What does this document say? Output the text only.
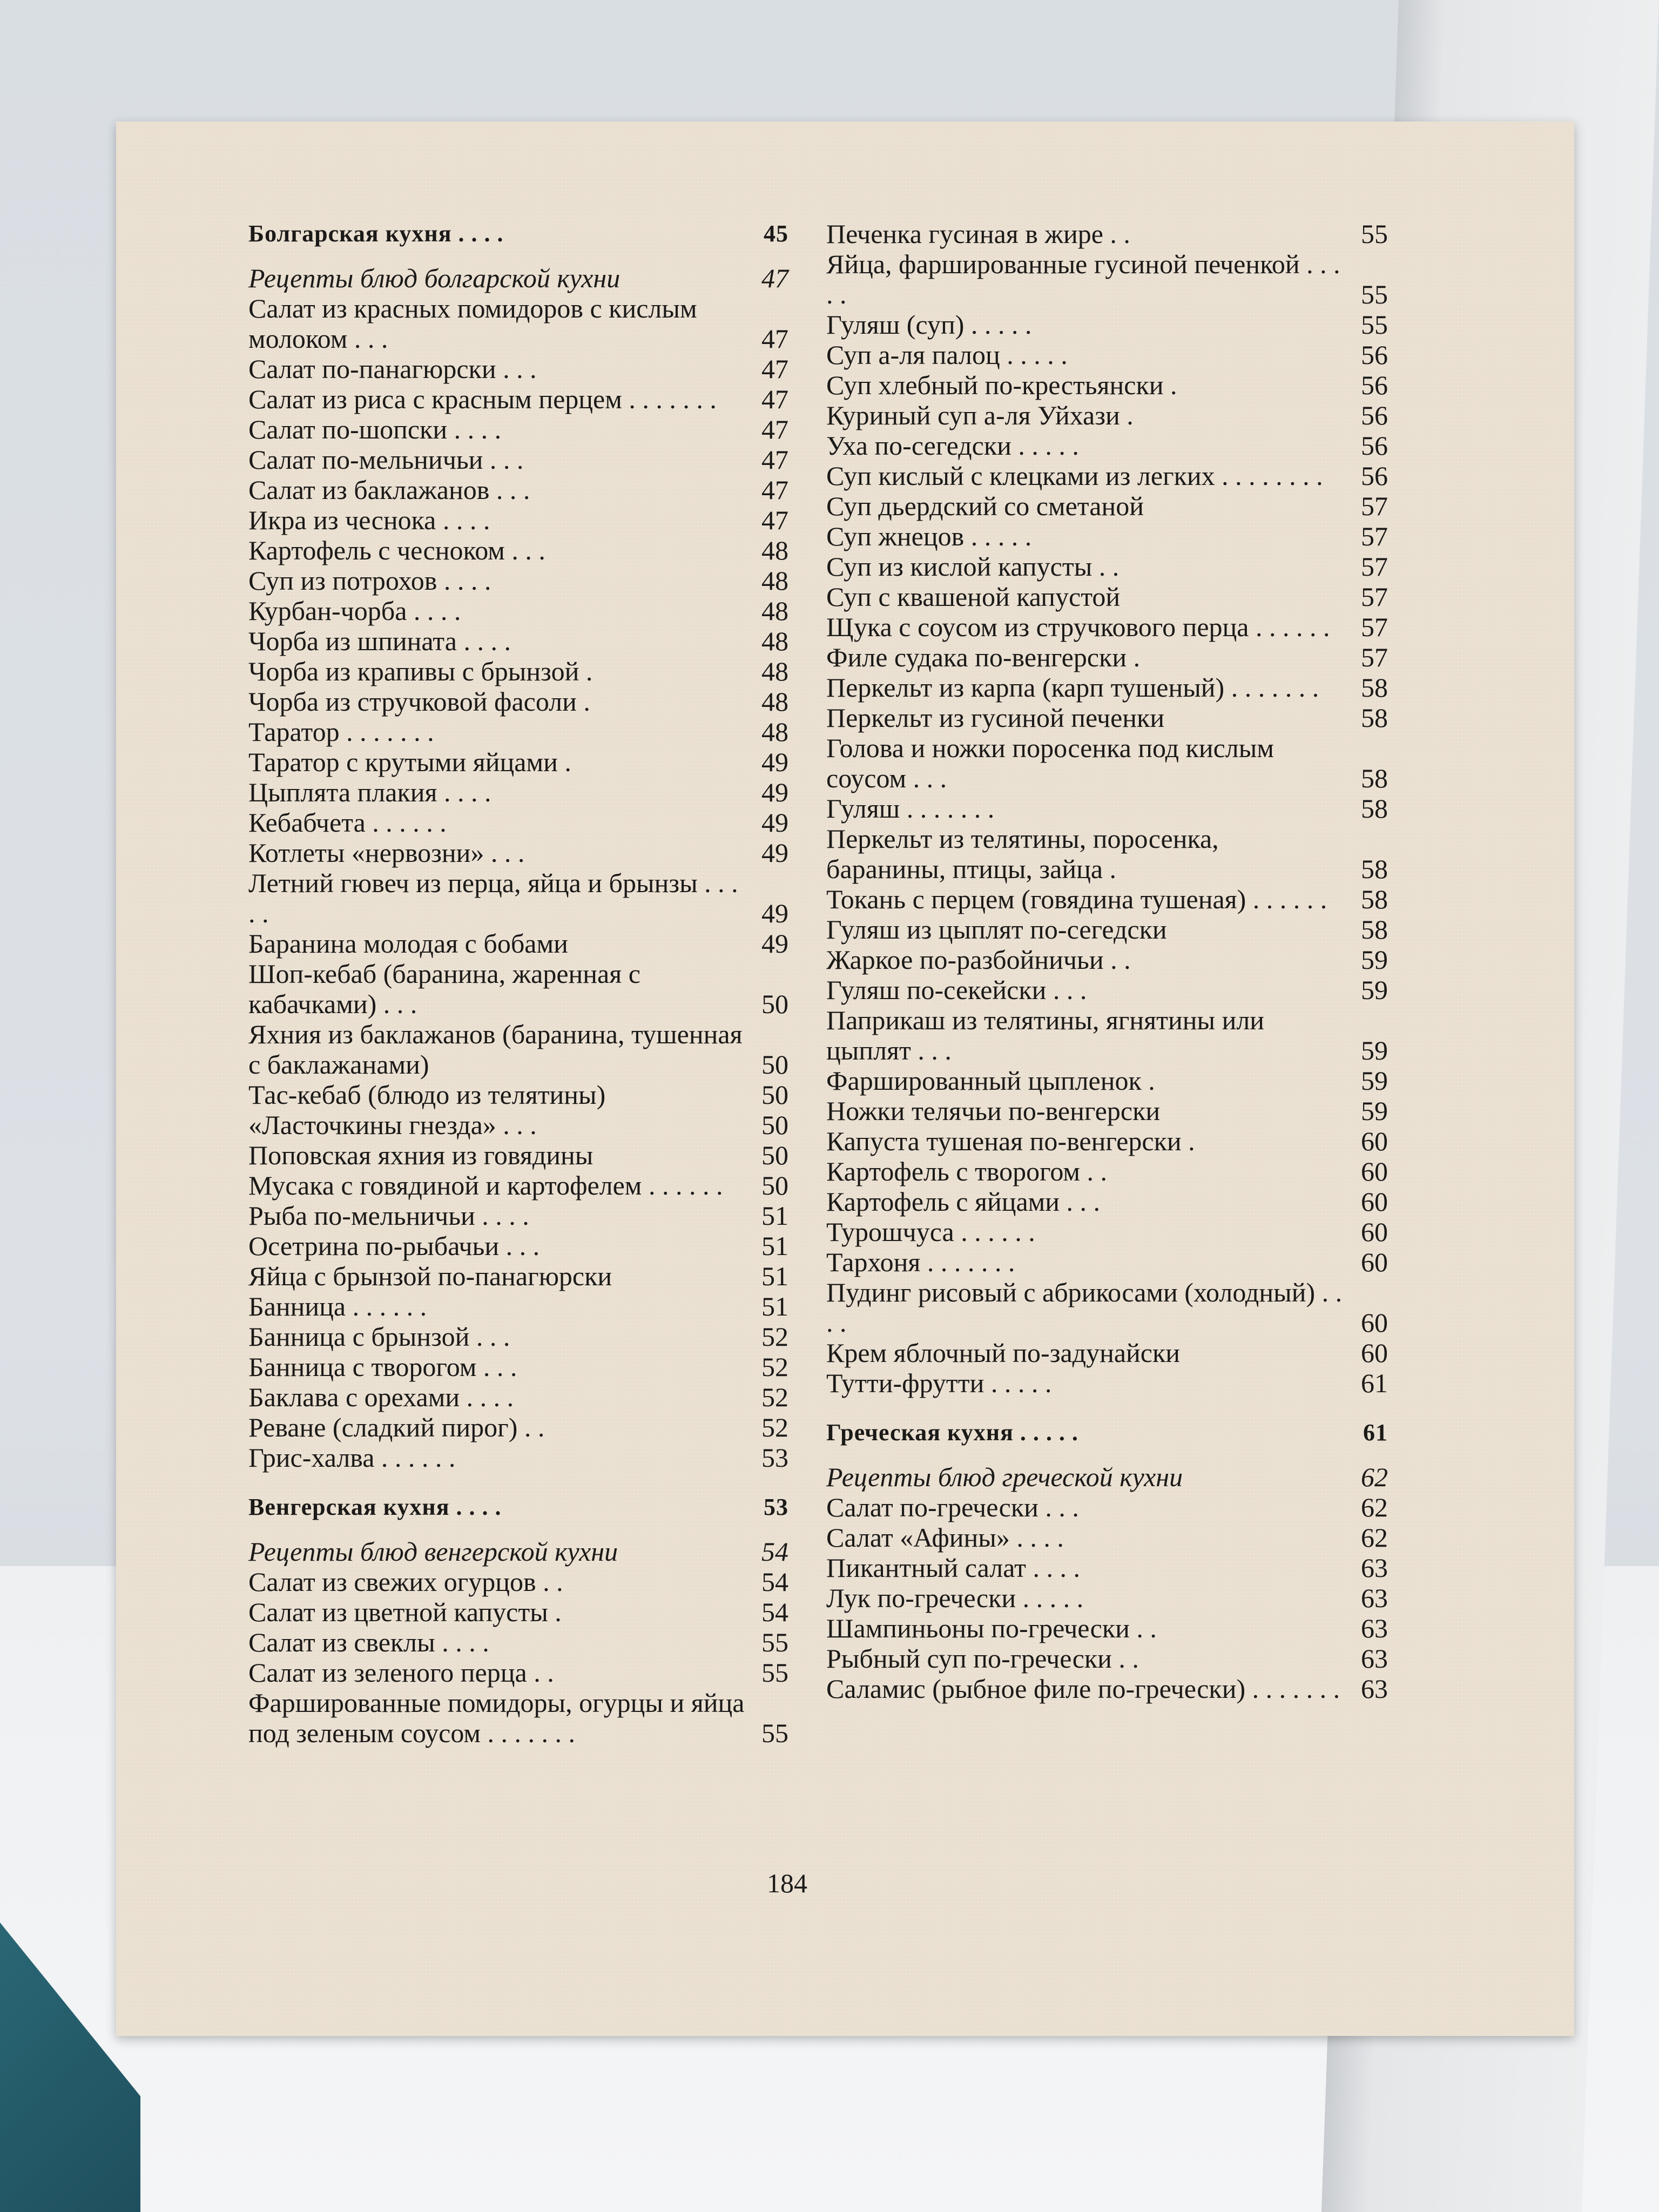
Болгарская кухня . . . .	45
Рецепты блюд болгарской кухни	47
Салат из красных помидоров с кислым молоком . . .	47
Салат по-панагюрски . . .	47
Салат из риса с красным перцем . . . . . . .	47
Салат по-шопски . . . .	47
Салат по-мельничьи . . .	47
Салат из баклажанов . . .	47
Икра из чеснока . . . .	47
Картофель с чесноком . . .	48
Суп из потрохов . . . .	48
Курбан-чорба . . . .	48
Чорба из шпината . . . .	48
Чорба из крапивы с брынзой .	48
Чорба из стручковой фасоли .	48
Таратор . . . . . . .	48
Таратор с крутыми яйцами .	49
Цыплята плакия . . . .	49
Кебабчета . . . . . .	49
Котлеты «нервозни» . . .	49
Летний гювеч из перца, яйца и брынзы . . . . .	49
Баранина молодая с бобами	49
Шоп-кебаб (баранина, жаренная с кабачками) . . .	50
Яхния из баклажанов (баранина, тушенная с баклажанами)	50
Тас-кебаб (блюдо из телятины)	50
«Ласточкины гнезда» . . .	50
Поповская яхния из говядины	50
Мусака с говядиной и картофелем . . . . . .	50
Рыба по-мельничьи . . . .	51
Осетрина по-рыбачьи . . .	51
Яйца с брынзой по-панагюрски	51
Банница . . . . . .	51
Банница с брынзой . . .	52
Банница с творогом . . .	52
Баклава с орехами . . . .	52
Реване (сладкий пирог) . .	52
Грис-халва . . . . . .	53
Венгерская кухня . . . .	53
Рецепты блюд венгерской кухни	54
Салат из свежих огурцов . .	54
Салат из цветной капусты .	54
Салат из свеклы . . . .	55
Салат из зеленого перца . .	55
Фаршированные помидоры, огурцы и яйца под зеленым соусом . . . . . . .	55
Печенка гусиная в жире . .	55
Яйца, фаршированные гусиной печенкой . . . . .	55
Гуляш (суп) . . . . .	55
Суп а-ля палоц . . . . .	56
Суп хлебный по-крестьянски .	56
Куриный суп а-ля Уйхази .	56
Уха по-сегедски . . . . .	56
Суп кислый с клецками из легких . . . . . . . .	56
Суп дьердский со сметаной	57
Суп жнецов . . . . .	57
Суп из кислой капусты . .	57
Суп с квашеной капустой	57
Щука с соусом из стручкового перца . . . . . .	57
Филе судака по-венгерски .	57
Перкельт из карпа (карп тушеный) . . . . . . .	58
Перкельт из гусиной печенки	58
Голова и ножки поросенка под кислым соусом . . .	58
Гуляш . . . . . . .	58
Перкельт из телятины, поросенка, баранины, птицы, зайца .	58
Токань с перцем (говядина тушеная) . . . . . .	58
Гуляш из цыплят по-сегедски	58
Жаркое по-разбойничьи . .	59
Гуляш по-секейски . . .	59
Паприкаш из телятины, ягнятины или цыплят . . .	59
Фаршированный цыпленок .	59
Ножки телячьи по-венгерски	59
Капуста тушеная по-венгерски .	60
Картофель с творогом . .	60
Картофель с яйцами . . .	60
Турошчуса . . . . . .	60
Тархоня . . . . . . .	60
Пудинг рисовый с абрикосами (холодный) . . . .	60
Крем яблочный по-задунайски	60
Тутти-фрутти . . . . .	61
Греческая кухня . . . . .	61
Рецепты блюд греческой кухни	62
Салат по-гречески . . .	62
Салат «Афины» . . . .	62
Пикантный салат . . . .	63
Лук по-гречески . . . . .	63
Шампиньоны по-гречески . .	63
Рыбный суп по-гречески . .	63
Саламис (рыбное филе по-гречески) . . . . . . . 63
184
